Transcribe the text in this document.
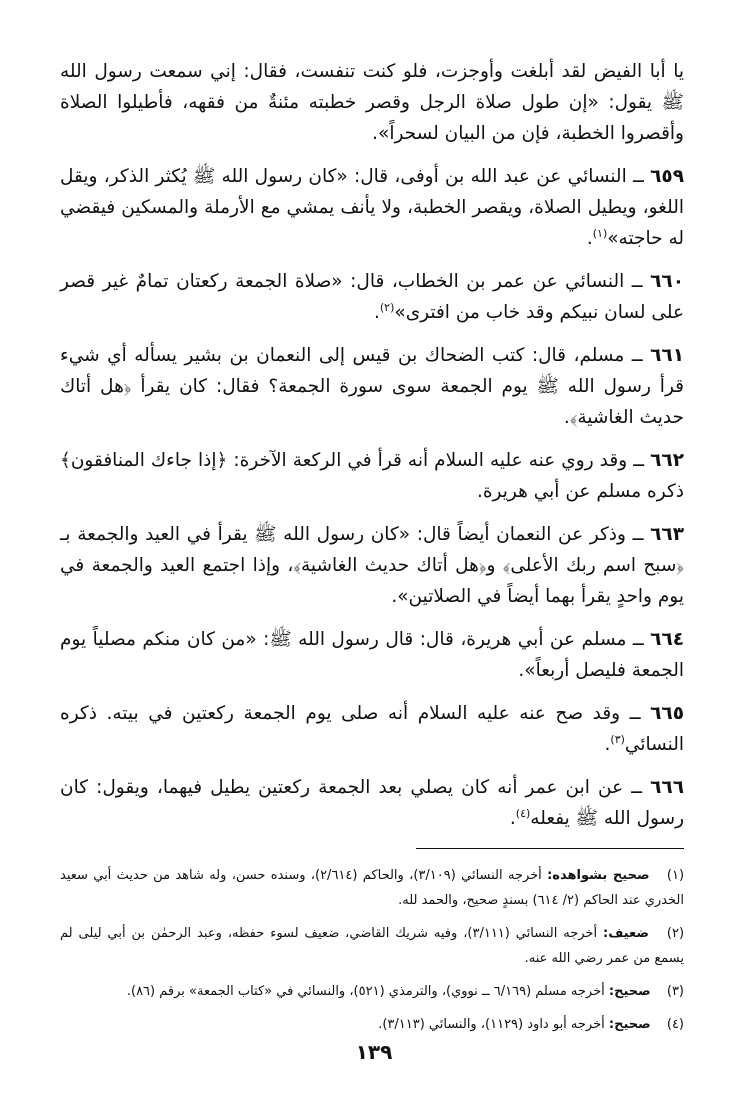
يا أبا الفيض لقد أبلغت وأوجزت، فلو كنت تنفست، فقال: إني سمعت رسول الله ﷺ يقول: «إن طول صلاة الرجل وقصر خطبته مئنةٌ من فقهه، فأطيلوا الصلاة وأقصروا الخطبة، فإن من البيان لسحراً».

٦٥٩ ــ النسائي عن عبد الله بن أوفى، قال: «كان رسول الله ﷺ يُكثر الذكر، ويقل اللغو، ويطيل الصلاة، ويقصر الخطبة، ولا يأنف يمشي مع الأرملة والمسكين فيقضي له حاجته»$^{(١)}$.

٦٦٠ ــ النسائي عن عمر بن الخطاب، قال: «صلاة الجمعة ركعتان تمامٌ غير قصر على لسان نبيكم وقد خاب من افترى»$^{(٢)}$.

٦٦١ ــ مسلم، قال: كتب الضحاك بن قيس إلى النعمان بن بشير يسأله أي شيء قرأ رسول الله ﷺ يوم الجمعة سوى سورة الجمعة؟ فقال: كان يقرأ ﴿هل أتاك حديث الغاشية﴾.

٦٦٢ ــ وقد روي عنه عليه السلام أنه قرأ في الركعة الآخرة: ﴿إذا جاءك المنافقون﴾ ذكره مسلم عن أبي هريرة.

٦٦٣ ــ وذكر عن النعمان أيضاً قال: «كان رسول الله ﷺ يقرأ في العيد والجمعة بـ ﴿سبح اسم ربك الأعلى﴾ و﴿هل أتاك حديث الغاشية﴾، وإذا اجتمع العيد والجمعة في يوم واحدٍ يقرأ بهما أيضاً في الصلاتين».

٦٦٤ ــ مسلم عن أبي هريرة، قال: قال رسول الله ﷺ: «من كان منكم مصلياً يوم الجمعة فليصل أربعاً».

٦٦٥ ــ وقد صح عنه عليه السلام أنه صلى يوم الجمعة ركعتين في بيته. ذكره النسائي$^{(٣)}$.

٦٦٦ ــ عن ابن عمر أنه كان يصلي بعد الجمعة ركعتين يطيل فيهما، ويقول: كان رسول الله ﷺ يفعله$^{(٤)}$.

(١) صحيح بشواهده: أخرجه النسائي (٣/١٠٩)، والحاكم (٢/٦١٤)، وسنده حسن، وله شاهد من حديث أبي سعيد الخدري عند الحاكم (٢/ ٦١٤) بسندٍ صحيح، والحمد لله.

(٢) ضعيف: أخرجه النسائي (٣/١١١)، وفيه شريك القاضي، ضعيف لسوء حفظه، وعبد الرحمٰن بن أبي ليلى لم يسمع من عمر رضي الله عنه.

(٣) صحيح: أخرجه مسلم (٦/١٦٩ ــ نووي)، والترمذي (٥٢١)، والنسائي في «كتاب الجمعة» برقم (٨٦).

(٤) صحيح: أخرجه أبو داود (١١٢٩)، والنسائي (٣/١١٣).

١٣٩
